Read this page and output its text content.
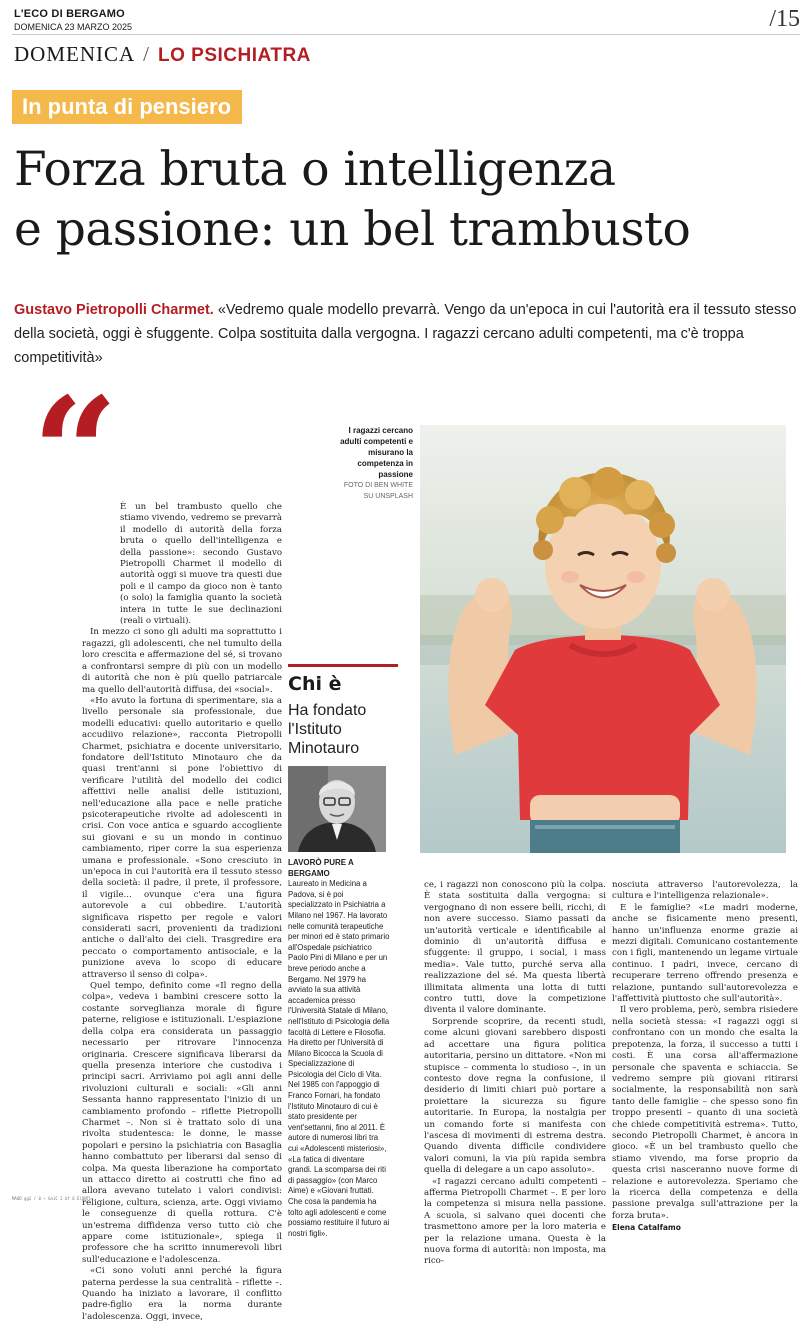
L'ECO DI BERGAMO
DOMENICA 23 MARZO 2025	/15
DOMENICA / LO PSICHIATRA
In punta di pensiero
Forza bruta o intelligenza
e passione: un bel trambusto
Gustavo Pietropolli Charmet. «Vedremo quale modello prevarrà. Vengo da un'epoca in cui l'autorità era il tessuto stesso della società, oggi è sfuggente. Colpa sostituita dalla vergogna. I ragazzi cercano adulti competenti, ma c'è troppa competitività»
“	I ragazzi cercano adulti competenti e misurano la competenza in passione
FOTO DI BEN WHITE SU UNSPLASH

È un bel trambusto quello che stiamo vivendo, vedremo se prevarrà il modello di autorità della forza bruta o quello dell'intelligenza e della passione»: secondo Gustavo Pietropolli Charmet il modello di autorità oggi si muove tra questi due poli e il campo da gioco non è tanto (o solo) la famiglia quanto la società intera in tutte le sue declinazioni (reali o virtuali).

In mezzo ci sono gli adulti ma soprattutto i ragazzi, gli adolescenti, che nel tumulto della loro crescita e affermazione del sé, si trovano a confrontarsi sempre di più con un modello di autorità che non è più quello patriarcale ma quello dell'autorità diffusa, dei «social».

«Ho avuto la fortuna di sperimentare, sia a livello personale sia professionale, due modelli educativi: quello autoritario e quello accudiivo relazione», racconta Pietropolli Charmet, psichiatra e docente universitario, fondatore dell'Istituto Minotauro che da quasi trent'anni si pone l'obiettivo di verificare l'utilità del modello dei codici affettivi nelle analisi delle istituzioni, nell'educazione alla pace e nelle pratiche psicoterapeutiche rivolte ad adolescenti in crisi. Con voce antica e sguardo accogliente sui giovani e su un mondo in continuo cambiamento, riper corre la sua esperienza umana e professionale. «Sono cresciuto in un'epoca in cui l'autorità era il tessuto stesso della società: il padre, il prete, il professore, il vigile... ovunque c'era una figura autorevole a cui obbedire. L'autorità significava rispetto per regole e valori considerati sacri, provenienti da tradizioni antiche o dall'alto dei cieli. Trasgredire era peccato o comportamento antisociale, e la punizione aveva lo scopo di educare attraverso il senso di colpa».

Quel tempo, definito come «Il regno della colpa», vedeva i bambini crescere sotto la costante sorveglianza morale di figure paterne, religiose e istituzionali. L'espiazione della colpa era considerata un passaggio necessario per ritrovare l'innocenza originaria. Crescere significava liberarsi da quella presenza interiore che custodiva i principi sacri. Arriviamo poi agli anni delle rivoluzioni culturali e sociali: «Gli anni Sessanta hanno rappresentato l'inizio di un cambiamento profondo – riflette Pietropolli Charmet –. Non si è trattato solo di una rivolta studentesca: le donne, le masse popolari e persino la psichiatria con Basaglia hanno combattuto per liberarsi dal senso di colpa. Ma questa liberazione ha comportato un attacco diretto ai costrutti che fino ad allora avevano tutelato i valori condivisi: religione, cultura, scienza, arte. Oggi viviamo le conseguenze di quella rottura. C'è un'estrema diffidenza verso tutto ciò che appare come istituzionale», spiega il professore che ha scritto innumerevoli libri sull'educazione e l'adolescenza.

«Ci sono voluti anni perché la figura paterna perdesse la sua centralità – riflette –. Quando ha iniziato a lavorare, il conflitto padre-figlio era la norma durante l'adolescenza. Oggi, invece,

Chi è
Ha fondato l'Istituto Minotauro
LAVORÒ PURE A BERGAMO
Laureato in Medicina a Padova, si è poi specializzato in Psichiatria a Milano nel 1967. Ha lavorato nelle comunità terapeutiche per minori ed è stato primario all'Ospedale psichiatrico Paolo Pini di Milano e per un breve periodo anche a Bergamo. Nel 1979 ha avviato la sua attività accademica presso l'Università Statale di Milano, nell'Istituto di Psicologia della facoltà di Lettere e Filosofia. Ha diretto per l'Università di Milano Bicocca la Scuola di Specializzazione di Psicologia del Ciclo di Vita. Nel 1985 con l'appoggio di Franco Fornari, ha fondato l'Istituto Minotauro di cui è stato presidente per vent'settanni, fino al 2011. È autore di numerosi libri tra cui «Adolescenti misteriosi», «La fatica di diventare grandi. La scomparsa dei riti di passaggio» (con Marco Aime) e «Giovani fruttati. Che cosa la pandemia ha tolto agli adolescenti e come possiamo restituire il futuro ai nostri figli».

ce, i ragazzi non conoscono più la colpa. È stata sostituita dalla vergogna: si vergognano di non essere belli, ricchi, di non avere successo. Siamo passati da un'autorità verticale e identificabile al dominio di un'autorità diffusa e sfuggente: il gruppo, i social, i mass media». Vale tutto, purché serva alla realizzazione del sé. Ma questa libertà illimitata alimenta una lotta di tutti contro tutti, dove la competizione diventa il valore dominante.

Sorprende scoprire, da recenti studi, come alcuni giovani sarebbero disposti ad accettare una figura politica autoritaria, persino un dittatore. «Non mi stupisce – commenta lo studioso –, in un contesto dove regna la confusione, il desiderio di limiti chiari può portare a proiettare la sicurezza su figure autoritarie. In Europa, la nostalgia per un comando forte si manifesta con l'ascesa di movimenti di estrema destra. Quando diventa difficile condividere valori comuni, la via più rapida sembra quella di delegare a un capo assoluto».

«I ragazzi cercano adulti competenti – afferma Pietropolli Charmet –. E per loro la competenza si misura nella passione. A scuola, si salvano quei docenti che trasmettono amore per la loro materia e per la relazione umana. Questa è la nuova forma di autorità: non imposta, ma rico-

nosciuta attraverso l'autorevolezza, la cultura e l'intelligenza relazionale».

E le famiglie? «Le madri moderne, anche se fisicamente meno presenti, hanno un'influenza enorme grazie ai mezzi digitali. Comunicano costantemente con i figli, mantenendo un legame virtuale continuo. I padri, invece, cercano di recuperare terreno offrendo presenza e relazione, puntando sull'autorevolezza e l'affettività piuttosto che sull'autorità».

Il vero problema, però, sembra risiedere nella società stessa: «I ragazzi oggi si confrontano con un mondo che esalta la prepotenza, la forza, il successo a tutti i costi. È una corsa all'affermazione personale che spaventa e schiaccia. Se vedremo sempre più giovani ritirarsi socialmente, la responsabilità non sarà tanto delle famiglie – che spesso sono fin troppo presenti – quanto di una società che chiede competitività estrema». Tutto, secondo Pietropolli Charmet, è ancora in gioco. «È un bel trambusto quello che stiamo vivendo, ma forse proprio da questa crisi nasceranno nuove forme di relazione e autorevolezza. Speriamo che la ricerca della competenza e della passione prevalga sull'attrazione per la forza bruta».

Elena Catalfamo
MAUD gg2 / 0 → GniC 2 bf 6 ElDNTL
